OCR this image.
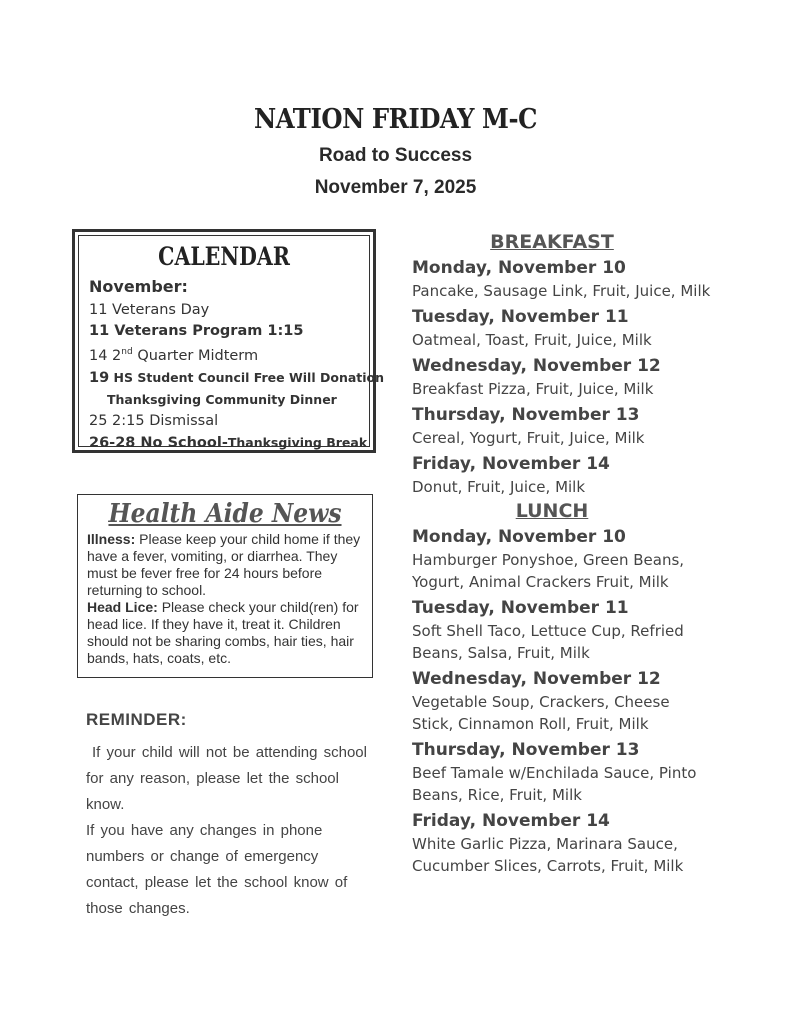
NATION FRIDAY M-C
Road to Success
November 7, 2025
CALENDAR
November:
11 Veterans Day
11 Veterans Program 1:15
14 2nd Quarter Midterm
19 HS Student Council Free Will Donation
Thanksgiving Community Dinner
25 2:15 Dismissal
26-28 No School-Thanksgiving Break
Health Aide News

Illness: Please keep your child home if they have a fever, vomiting, or diarrhea. They must be fever free for 24 hours before returning to school.

Head Lice: Please check your child(ren) for head lice. If they have it, treat it. Children should not be sharing combs, hair ties, hair bands, hats, coats, etc.

REMINDER:

If your child will not be attending school for any reason, please let the school know.

If you have any changes in phone numbers or change of emergency contact, please let the school know of those changes.

BREAKFAST
Monday, November 10
Pancake, Sausage Link, Fruit, Juice, Milk
Tuesday, November 11
Oatmeal, Toast, Fruit, Juice, Milk
Wednesday, November 12
Breakfast Pizza, Fruit, Juice, Milk
Thursday, November 13
Cereal, Yogurt, Fruit, Juice, Milk
Friday, November 14
Donut, Fruit, Juice, Milk
LUNCH
Monday, November 10
Hamburger Ponyshoe, Green Beans, Yogurt, Animal Crackers Fruit, Milk
Tuesday, November 11
Soft Shell Taco, Lettuce Cup, Refried Beans, Salsa, Fruit, Milk
Wednesday, November 12
Vegetable Soup, Crackers, Cheese Stick, Cinnamon Roll, Fruit, Milk
Thursday, November 13
Beef Tamale w/Enchilada Sauce, Pinto Beans, Rice, Fruit, Milk
Friday, November 14
White Garlic Pizza, Marinara Sauce, Cucumber Slices, Carrots, Fruit, Milk
